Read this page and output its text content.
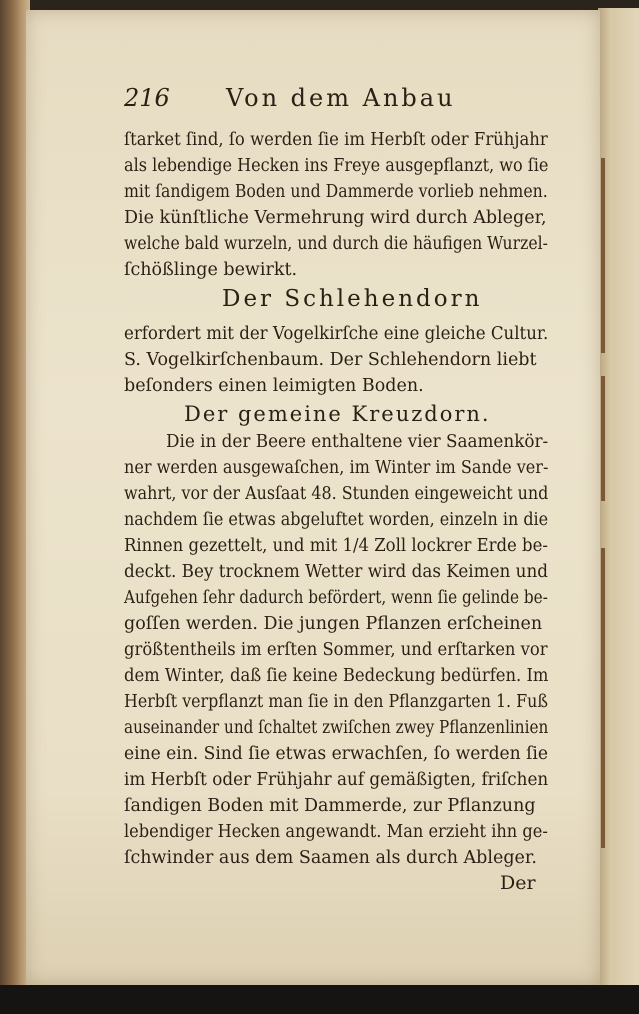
216 Von dem Anbau
ſtarket ſind, ſo werden ſie im Herbſt oder Frühjahr
als lebendige Hecken ins Freye ausgepflanzt, wo ſie
mit ſandigem Boden und Dammerde vorlieb nehmen.
Die künſtliche Vermehrung wird durch Ableger,
welche bald wurzeln, und durch die häufigen Wurzel-
ſchößlinge bewirkt.
Der Schlehendorn
erfordert mit der Vogelkirſche eine gleiche Cultur.
S. Vogelkirſchenbaum. Der Schlehendorn liebt
beſonders einen leimigten Boden.
Der gemeine Kreuzdorn.
Die in der Beere enthaltene vier Saamenkör-
ner werden ausgewaſchen, im Winter im Sande ver-
wahrt, vor der Ausſaat 48. Stunden eingeweicht und
nachdem ſie etwas abgeluftet worden, einzeln in die
Rinnen gezettelt, und mit 1/4 Zoll lockrer Erde be-
deckt. Bey trocknem Wetter wird das Keimen und
Aufgehen ſehr dadurch befördert, wenn ſie gelinde be-
goſſen werden. Die jungen Pflanzen erſcheinen
größtentheils im erſten Sommer, und erſtarken vor
dem Winter, daß ſie keine Bedeckung bedürfen. Im
Herbſt verpflanzt man ſie in den Pflanzgarten 1. Fuß
auseinander und ſchaltet zwiſchen zwey Pflanzenlinien
eine ein. Sind ſie etwas erwachſen, ſo werden ſie
im Herbſt oder Frühjahr auf gemäßigten, friſchen
ſandigen Boden mit Dammerde, zur Pflanzung
lebendiger Hecken angewandt. Man erzieht ihn ge-
ſchwinder aus dem Saamen als durch Ableger.
Der
